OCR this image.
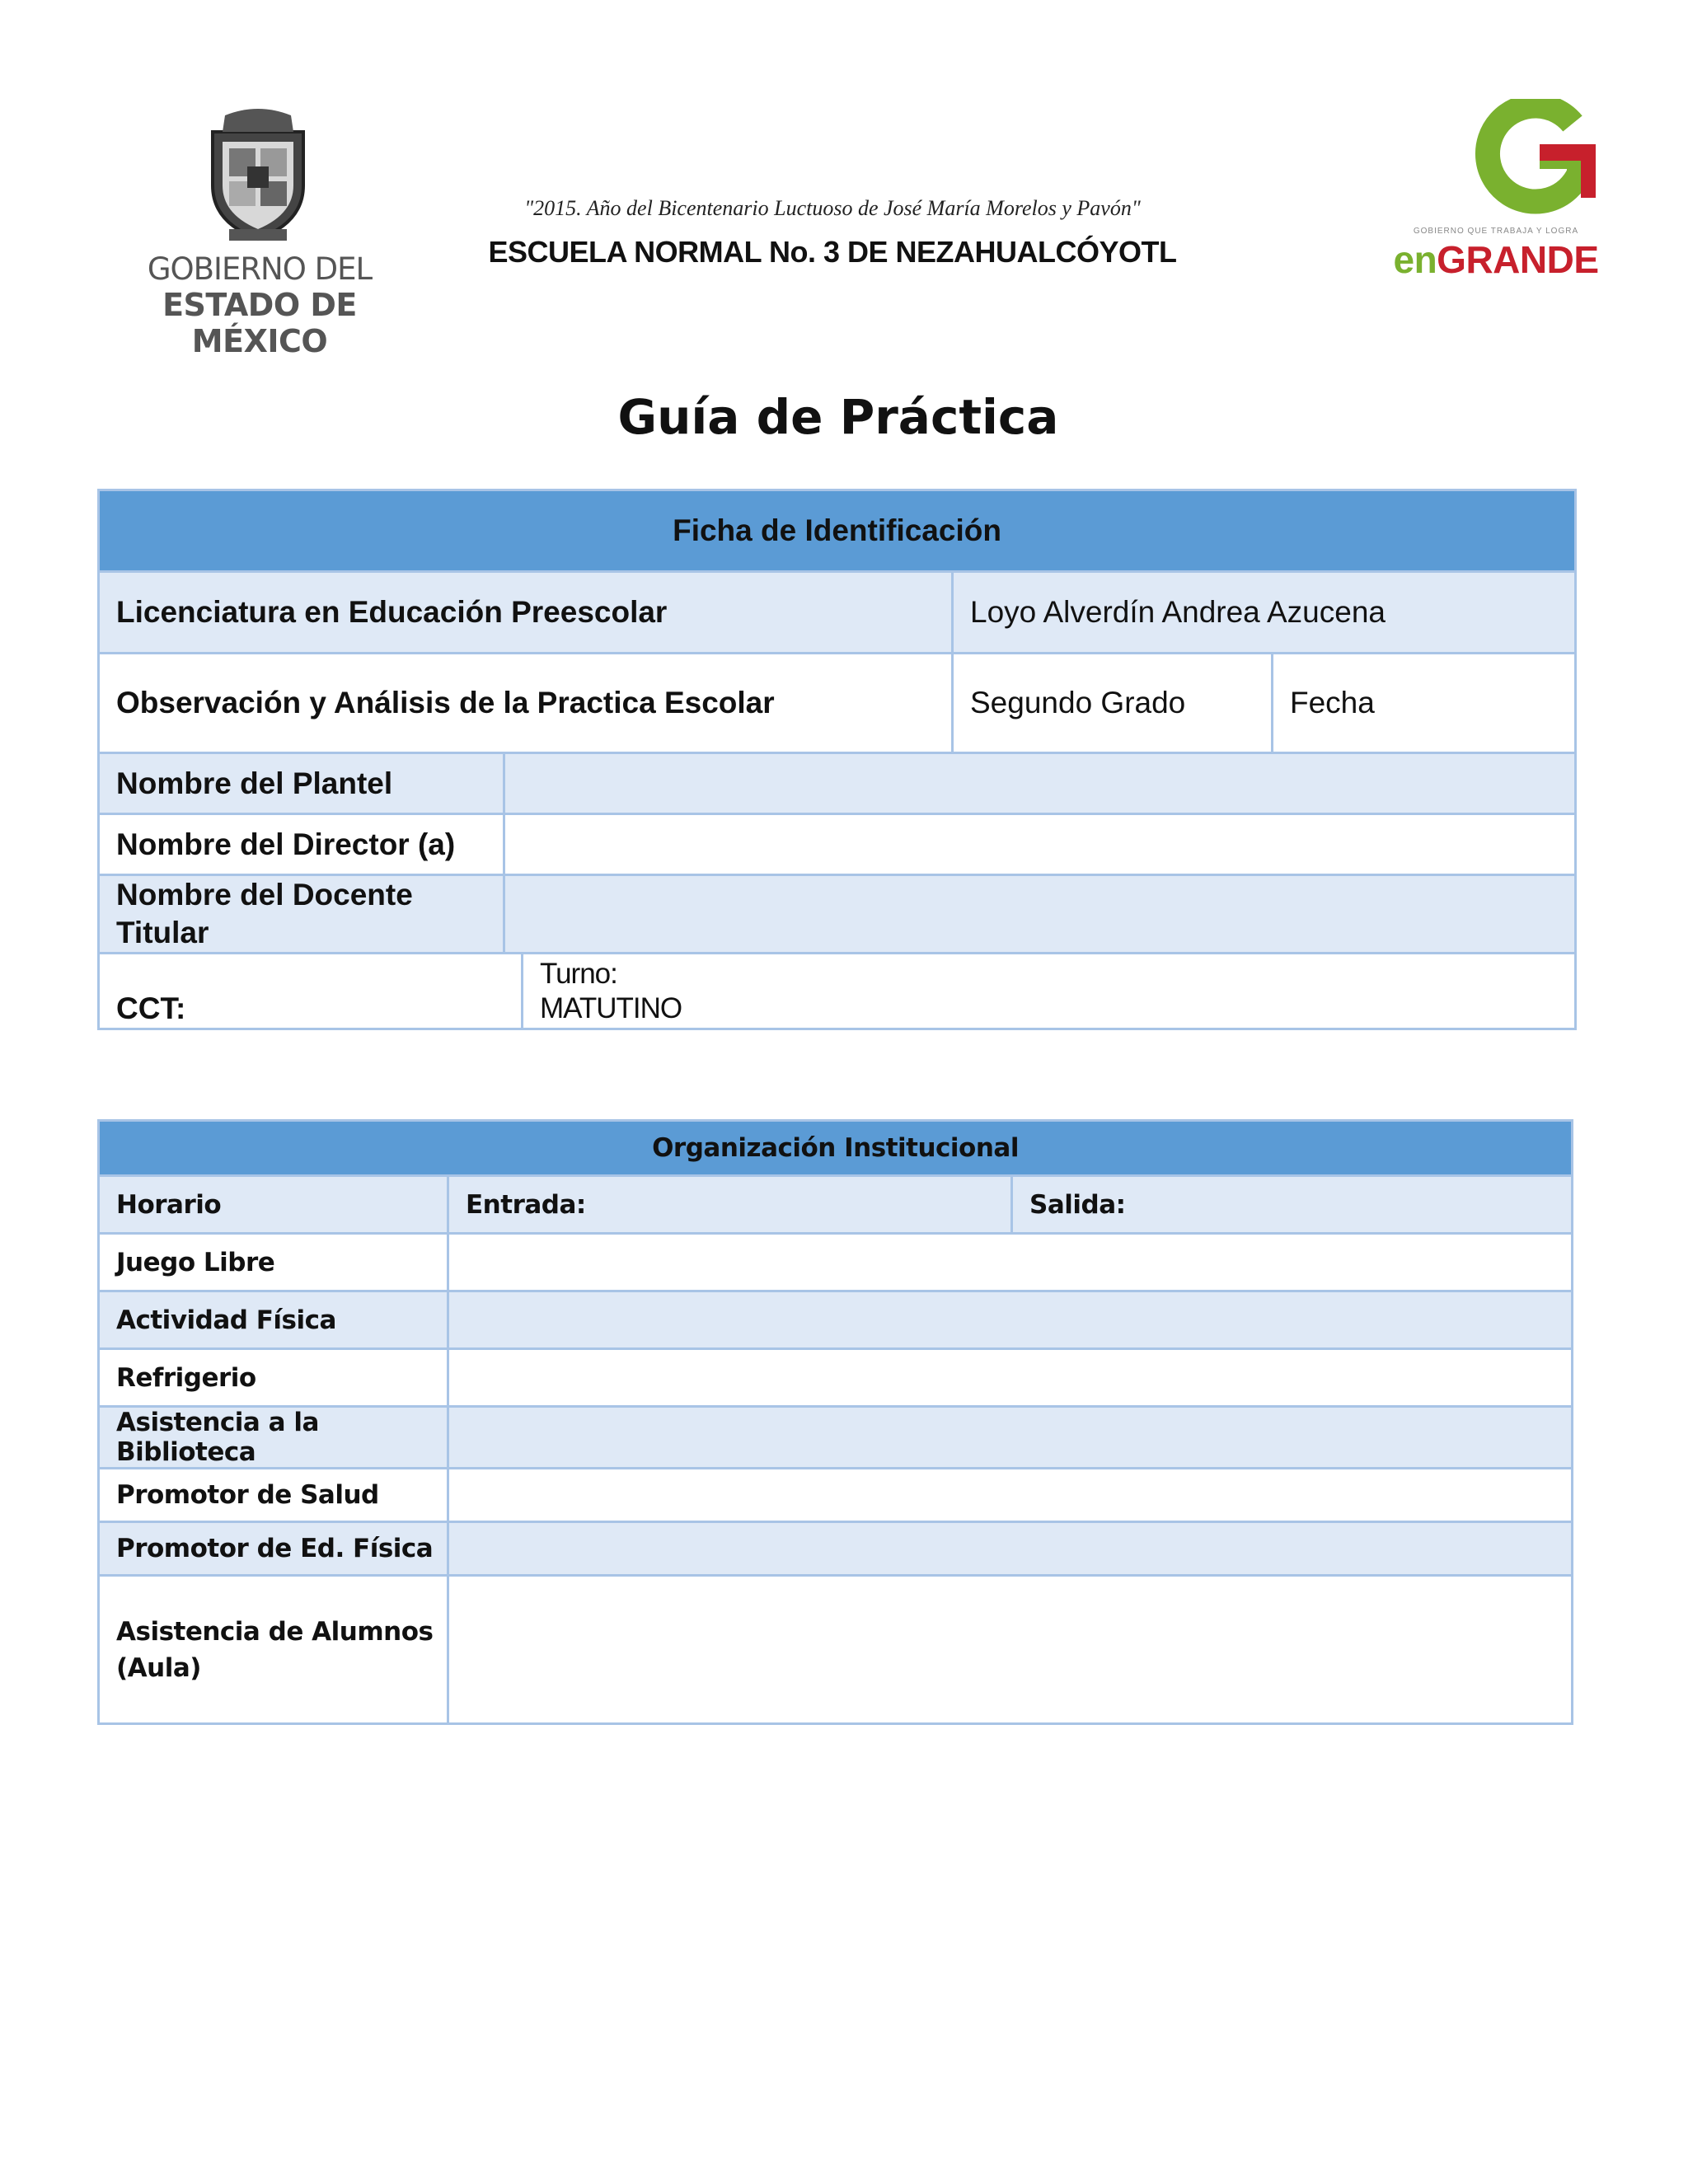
GOBIERNO DEL
ESTADO DE MÉXICO
"2015. Año del Bicentenario Luctuoso de José María Morelos y Pavón"
ESCUELA NORMAL No. 3 DE NEZAHUALCÓYOTL
GOBIERNO QUE TRABAJA Y LOGRA
enGRANDE
Guía de Práctica
Ficha de Identificación				
Licenciatura en Educación Preescolar			Loyo Alverdín Andrea Azucena	
Observación y Análisis de la Practica Escolar			Segundo Grado	Fecha
Nombre del Plantel				
Nombre del Director (a)				
Nombre del Docente Titular				
CCT:		Turno:
MATUTINO		
Organización Institucional		
Horario	Entrada:	Salida:
Juego Libre		
Actividad Física		
Refrigerio		
Asistencia a la Biblioteca		
Promotor de Salud		
Promotor de Ed. Física		
Asistencia de Alumnos (Aula)		
